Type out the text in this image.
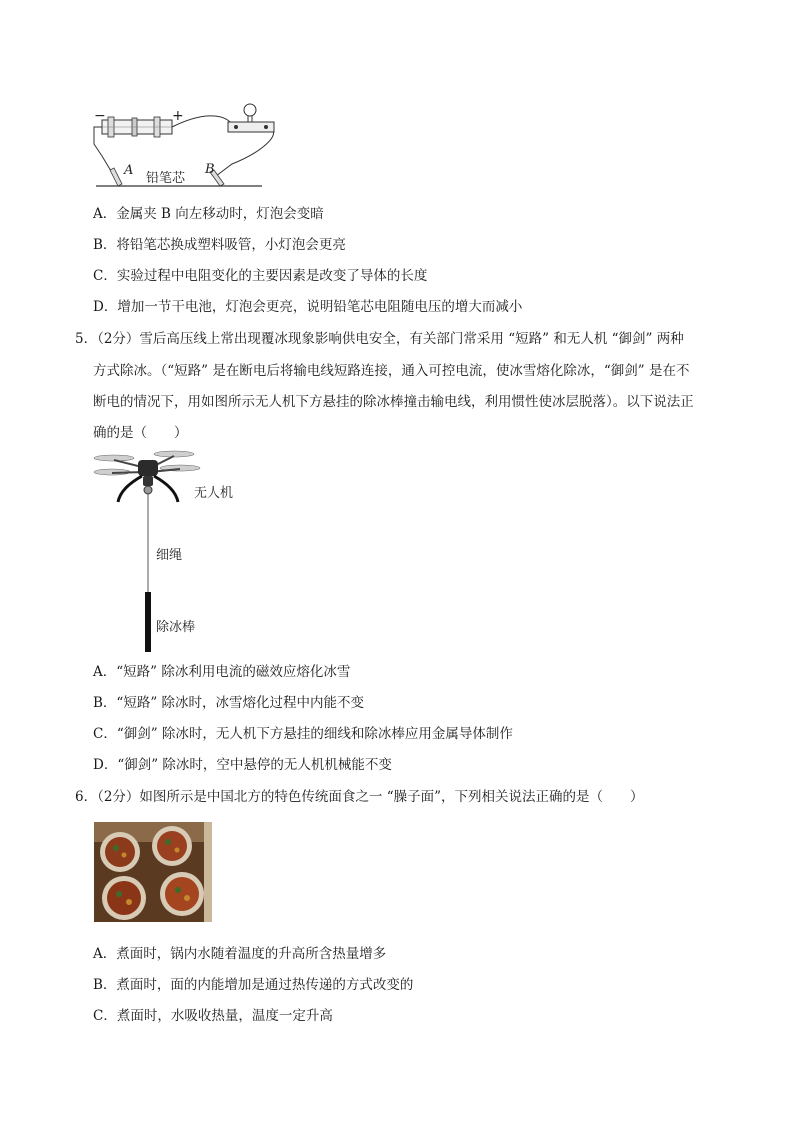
−	+
A
铅笔芯
B
A．金属夹 B 向左移动时，灯泡会变暗
B．将铅笔芯换成塑料吸管，小灯泡会更亮
C．实验过程中电阻变化的主要因素是改变了导体的长度
D．增加一节干电池，灯泡会更亮，说明铅笔芯电阻随电压的增大而减小
5．（2分）雪后高压线上常出现覆冰现象影响供电安全，有关部门常采用 “短路” 和无人机 “御剑” 两种
方式除冰。（“短路” 是在断电后将输电线短路连接，通入可控电流，使冰雪熔化除冰，“御剑” 是在不
断电的情况下，用如图所示无人机下方悬挂的除冰棒撞击输电线，利用惯性使冰层脱落）。以下说法正
确的是（　　）
无人机
细绳
除冰棒
A．“短路” 除冰利用电流的磁效应熔化冰雪
B．“短路” 除冰时，冰雪熔化过程中内能不变
C．“御剑” 除冰时，无人机下方悬挂的细线和除冰棒应用金属导体制作
D．“御剑” 除冰时，空中悬停的无人机机械能不变
6．（2分）如图所示是中国北方的特色传统面食之一 “臊子面”，下列相关说法正确的是（　　）
A．煮面时，锅内水随着温度的升高所含热量增多
B．煮面时，面的内能增加是通过热传递的方式改变的
C．煮面时，水吸收热量，温度一定升高
